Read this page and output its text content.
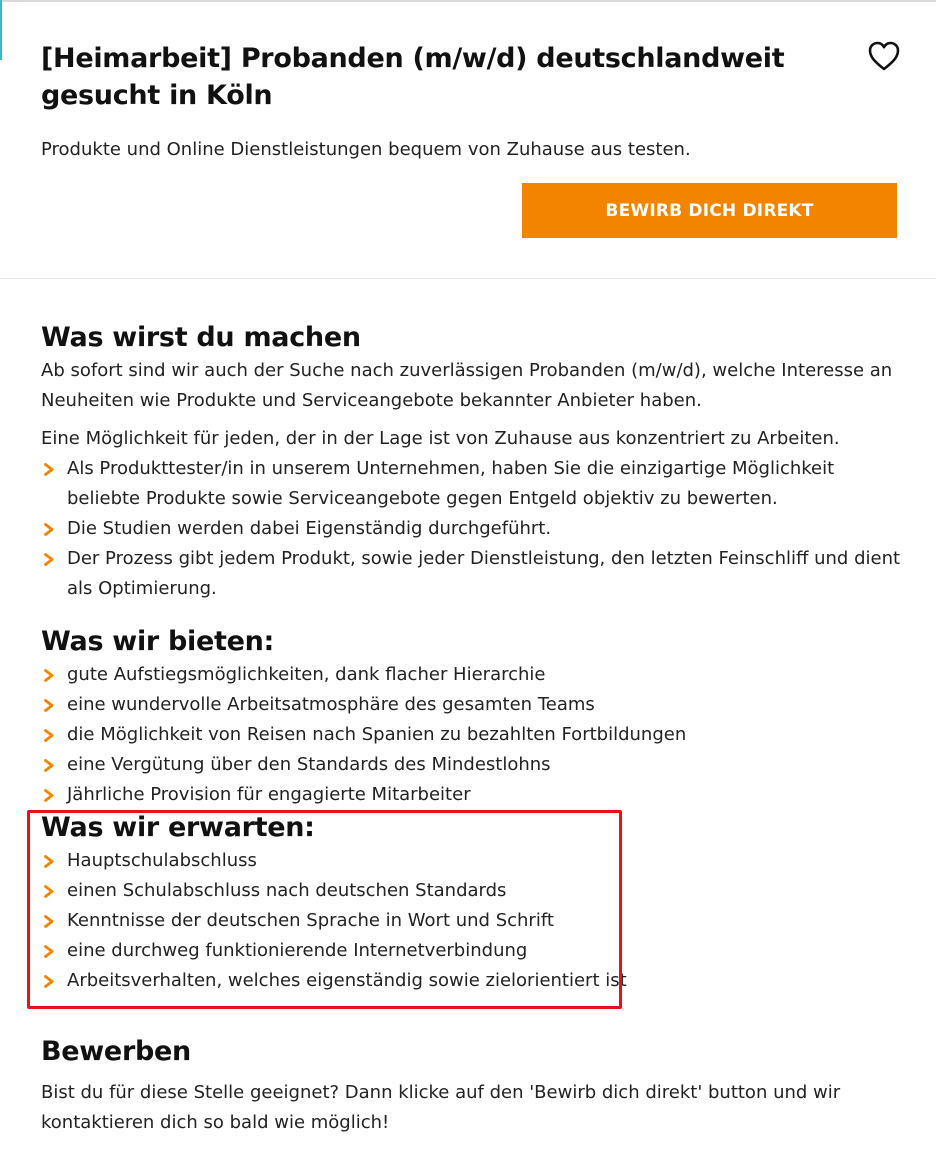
[Heimarbeit] Probanden (m/w/d) deutschlandweit gesucht in Köln

Produkte und Online Dienstleistungen bequem von Zuhause aus testen.

BEWIRB DICH DIREKT
Was wirst du machen

Ab sofort sind wir auch der Suche nach zuverlässigen Probanden (m/w/d), welche Interesse an Neuheiten wie Produkte und Serviceangebote bekannter Anbieter haben.

Eine Möglichkeit für jeden, der in der Lage ist von Zuhause aus konzentriert zu Arbeiten.

Als Produkttester/in in unserem Unternehmen, haben Sie die einzigartige Möglichkeit beliebte Produkte sowie Serviceangebote gegen Entgeld objektiv zu bewerten.
Die Studien werden dabei Eigenständig durchgeführt.
Der Prozess gibt jedem Produkt, sowie jeder Dienstleistung, den letzten Feinschliff und dient als Optimierung.
Was wir bieten:
gute Aufstiegsmöglichkeiten, dank flacher Hierarchie
eine wundervolle Arbeitsatmosphäre des gesamten Teams
die Möglichkeit von Reisen nach Spanien zu bezahlten Fortbildungen
eine Vergütung über den Standards des Mindestlohns
Jährliche Provision für engagierte Mitarbeiter
Was wir erwarten:
Hauptschulabschluss
einen Schulabschluss nach deutschen Standards
Kenntnisse der deutschen Sprache in Wort und Schrift
eine durchweg funktionierende Internetverbindung
Arbeitsverhalten, welches eigenständig sowie zielorientiert ist
Bewerben

Bist du für diese Stelle geeignet? Dann klicke auf den 'Bewirb dich direkt' button und wir kontaktieren dich so bald wie möglich!
